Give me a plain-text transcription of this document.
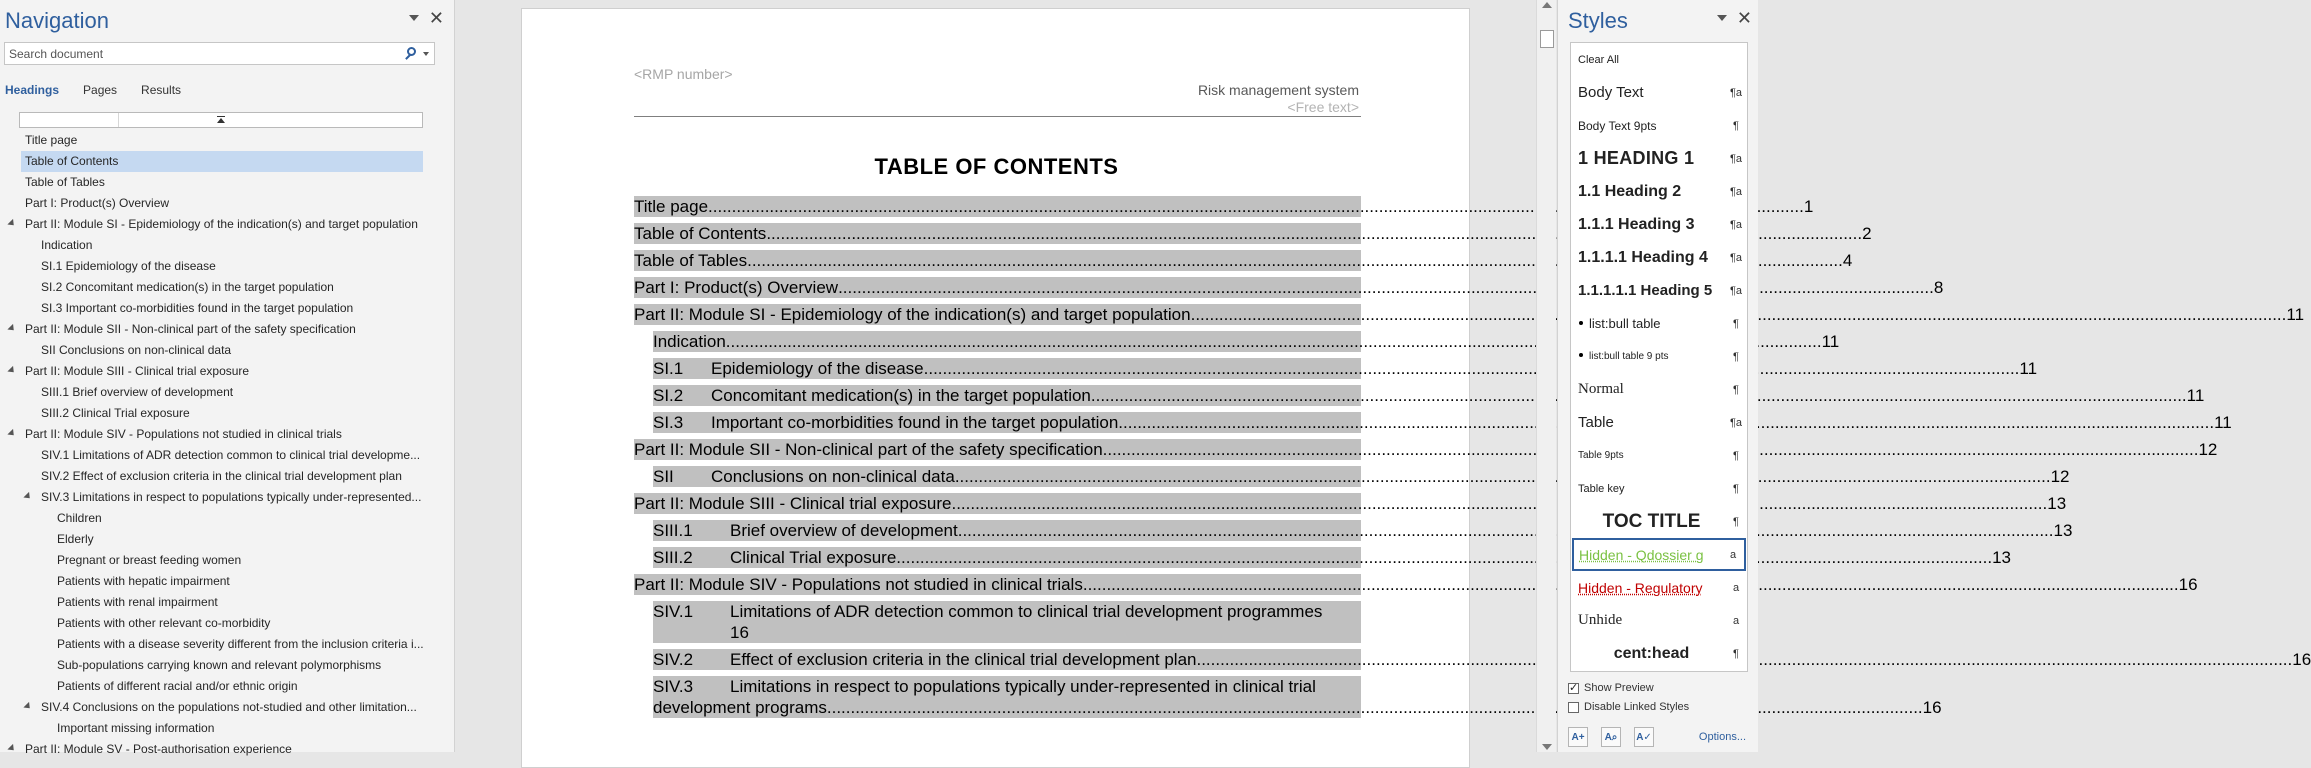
Navigation	✕
Search document
Headings Pages Results
Title page
Table of Contents
Table of Tables
Part I: Product(s) Overview
Part II: Module SI - Epidemiology of the indication(s) and target population
Indication
SI.1 Epidemiology of the disease
SI.2 Concomitant medication(s) in the target population
SI.3 Important co-morbidities found in the target population
Part II: Module SII - Non-clinical part of the safety specification
SII Conclusions on non-clinical data
Part II: Module SIII - Clinical trial exposure
SIII.1 Brief overview of development
SIII.2 Clinical Trial exposure
Part II: Module SIV - Populations not studied in clinical trials
SIV.1 Limitations of ADR detection common to clinical trial developme...
SIV.2 Effect of exclusion criteria in the clinical trial development plan
SIV.3 Limitations in respect to populations typically under-represented...
Children
Elderly
Pregnant or breast feeding women
Patients with hepatic impairment
Patients with renal impairment
Patients with other relevant co-morbidity
Patients with a disease severity different from the inclusion criteria i...
Sub-populations carrying known and relevant polymorphisms
Patients of different racial and/or ethnic origin
SIV.4 Conclusions on the populations not-studied and other limitation...
Important missing information
Part II: Module SV - Post-authorisation experience
<RMP number>
Risk management system
<Free text>
TABLE OF CONTENTS
Title page .....	1
Table of Contents .....	2
Table of Tables .....	4
Part I: Product(s) Overview .....	8
Part II: Module SI - Epidemiology of the indication(s) and target population .....	11
Indication .....	11
SI.1	Epidemiology of the disease .....	11
SI.2	Concomitant medication(s) in the target population .....	11
SI.3	Important co-morbidities found in the target population .....	11
Part II: Module SII - Non-clinical part of the safety specification .....	12
SII	Conclusions on non-clinical data .....	12
Part II: Module SIII - Clinical trial exposure .....	13
SIII.1	Brief overview of development .....	13
SIII.2	Clinical Trial exposure .....	13
Part II: Module SIV - Populations not studied in clinical trials .....	16
SIV.1	Limitations of ADR detection common to clinical trial development programmes
16
SIV.2	Effect of exclusion criteria in the clinical trial development plan .....	16
SIV.3	Limitations in respect to populations typically under-represented in clinical trial
development programs .....	16
Styles	✕
Clear All
Body Text	¶a
Body Text 9pts	¶
1 HEADING 1	¶a
1.1 Heading 2	¶a
1.1.1 Heading 3	¶a
1.1.1.1 Heading 4	¶a
1.1.1.1.1 Heading 5	¶a
list:bull table	¶
list:bull table 9 pts	¶
Normal	¶
Table	¶a
Table 9pts	¶
Table key	¶
TOC TITLE	¶
Hidden - Qdossier g	a
Hidden - Regulatory	a
Unhide	a
cent:head	¶
✓
Show Preview
Disable Linked Styles
A+	A⌕	A✓	Options...
